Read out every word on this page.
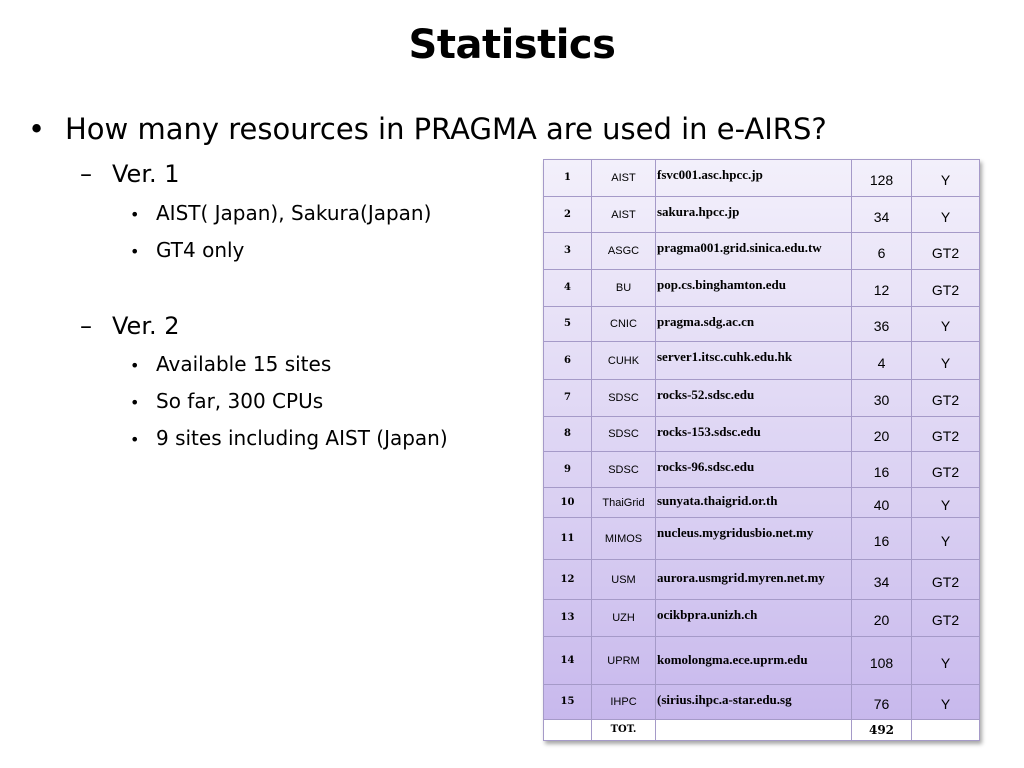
Statistics
• How many resources in PRAGMA are used in e-AIRS?
– Ver. 1
• AIST( Japan), Sakura(Japan)
• GT4 only
– Ver. 2
• Available 15 sites
• So far, 300 CPUs
• 9 sites including AIST (Japan)
1	AIST	fsvc001.asc.hpcc.jp	128	Y
2	AIST	sakura.hpcc.jp	34	Y
3	ASGC	pragma001.grid.sinica.edu.tw	6	GT2
4	BU	pop.cs.binghamton.edu	12	GT2
5	CNIC	pragma.sdg.ac.cn	36	Y
6	CUHK	server1.itsc.cuhk.edu.hk	4	Y
7	SDSC	rocks-52.sdsc.edu	30	GT2
8	SDSC	rocks-153.sdsc.edu	20	GT2
9	SDSC	rocks-96.sdsc.edu	16	GT2
10	ThaiGrid	sunyata.thaigrid.or.th	40	Y
11	MIMOS	nucleus.mygridusbio.net.my	16	Y
12	USM	aurora.usmgrid.myren.net.my	34	GT2
13	UZH	ocikbpra.unizh.ch	20	GT2
14	UPRM	komolongma.ece.uprm.edu	108	Y
15	IHPC	(sirius.ihpc.a-star.edu.sg	76	Y
	TOT.		492	
